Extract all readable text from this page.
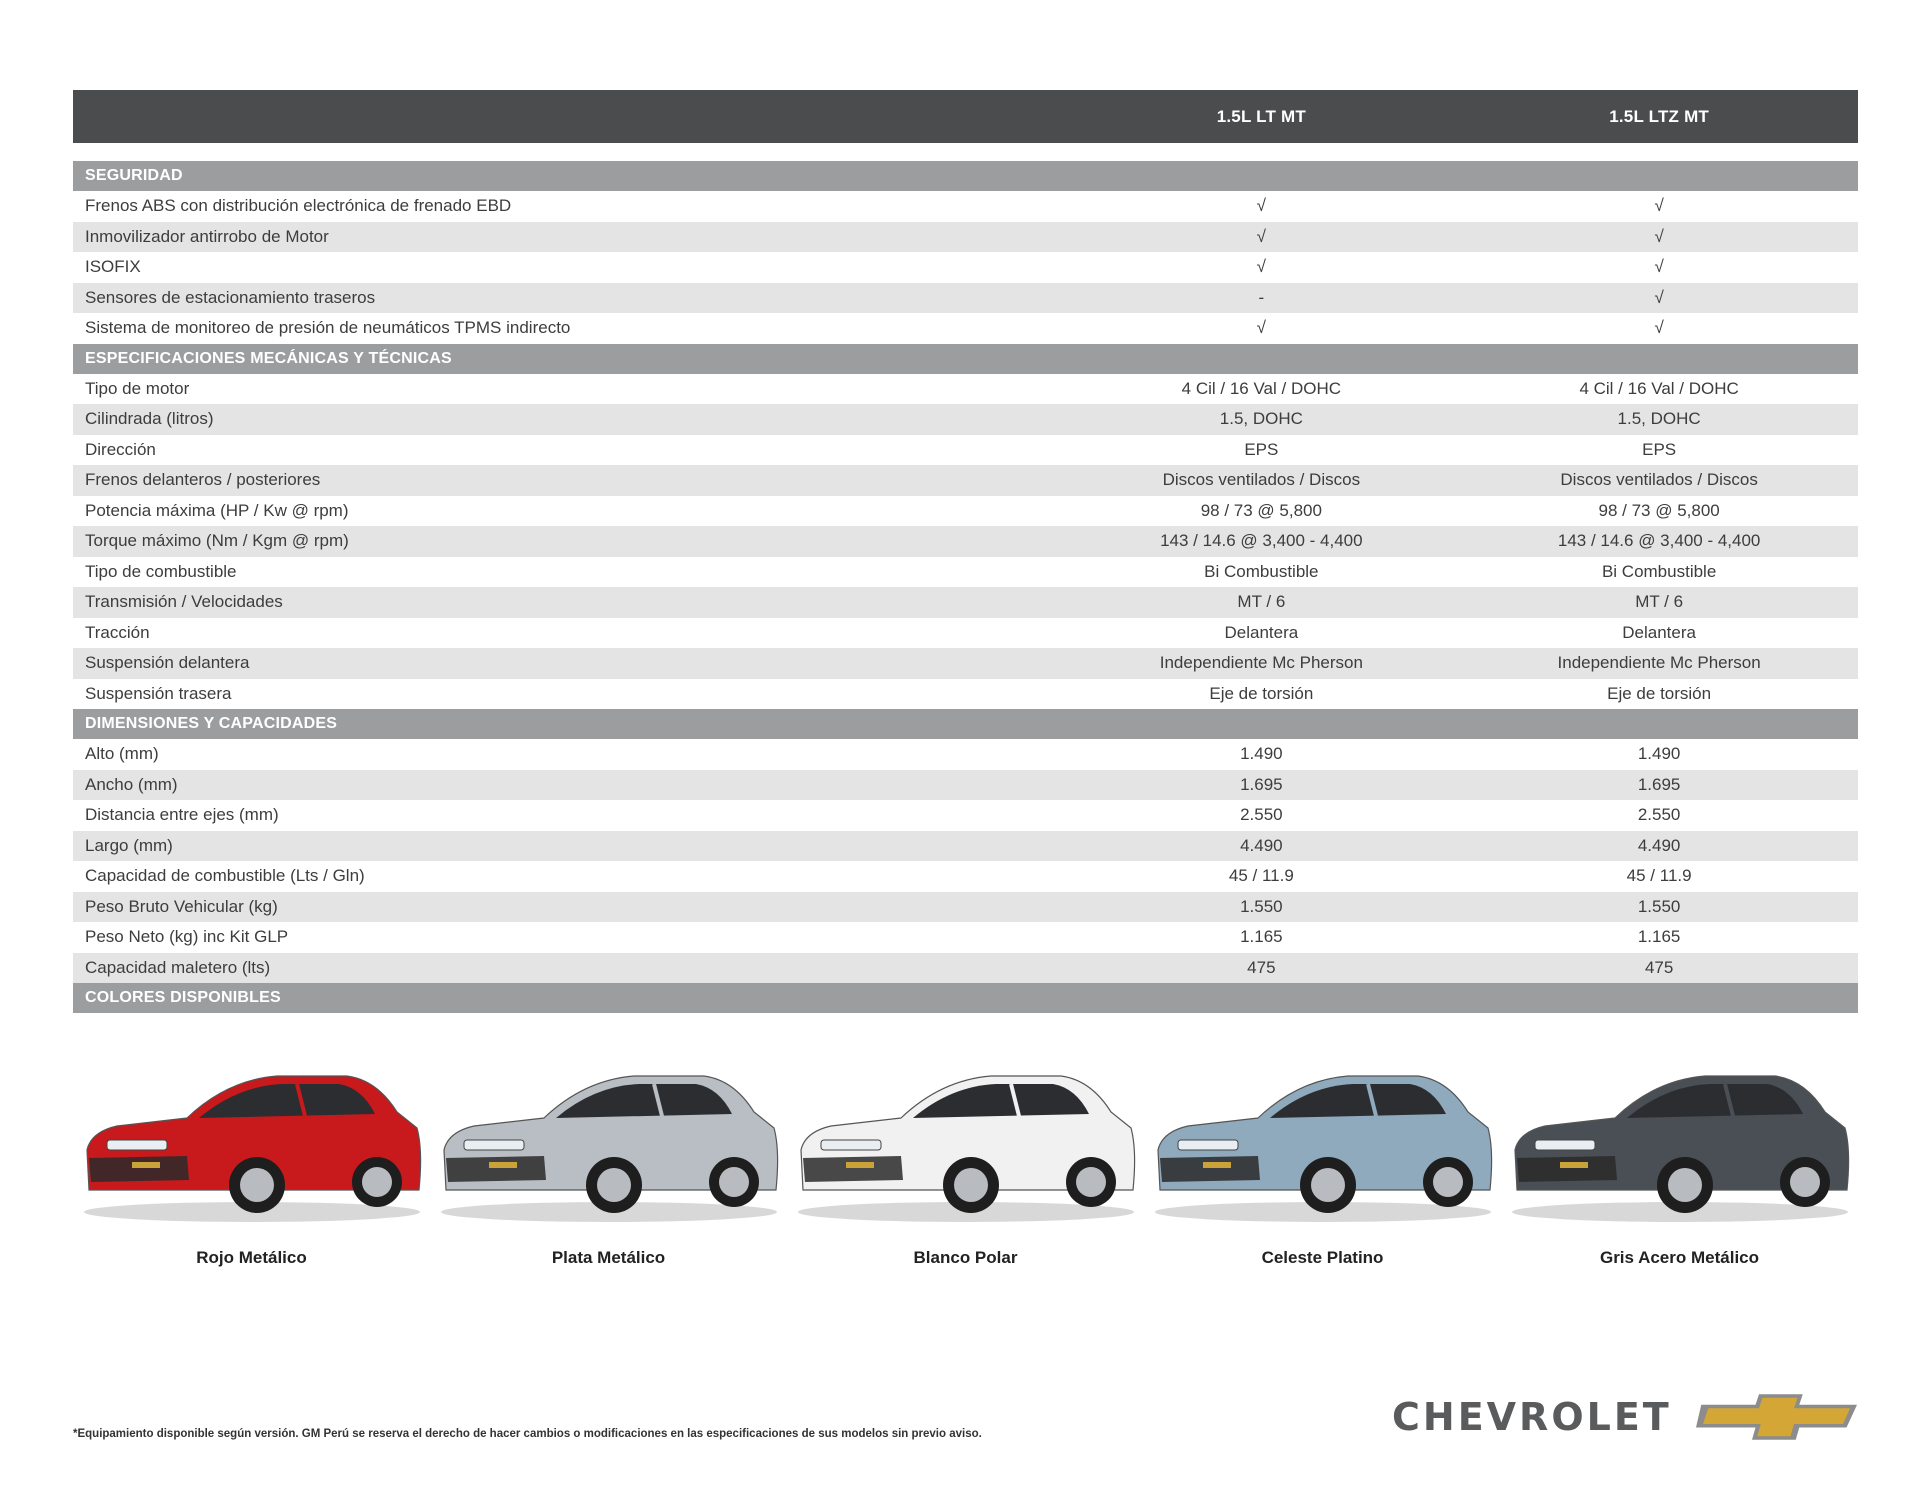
1.5L LT MT	1.5L LTZ MT
SEGURIDAD
Frenos ABS con distribución electrónica de frenado EBD	√	√
Inmovilizador antirrobo de Motor	√	√
ISOFIX	√	√
Sensores de estacionamiento traseros	-	√
Sistema de monitoreo de presión de neumáticos TPMS indirecto	√	√
ESPECIFICACIONES MECÁNICAS Y TÉCNICAS
Tipo de motor	4 Cil / 16 Val / DOHC	4 Cil / 16 Val / DOHC
Cilindrada (litros)	1.5, DOHC	1.5, DOHC
Dirección	EPS	EPS
Frenos delanteros / posteriores	Discos ventilados / Discos	Discos ventilados / Discos
Potencia máxima (HP / Kw @ rpm)	98 / 73 @ 5,800	98 / 73 @ 5,800
Torque máximo (Nm / Kgm @ rpm)	143 / 14.6 @ 3,400 - 4,400	143 / 14.6 @ 3,400 - 4,400
Tipo de combustible	Bi Combustible	Bi Combustible
Transmisión / Velocidades	MT / 6	MT / 6
Tracción	Delantera	Delantera
Suspensión delantera	Independiente Mc Pherson	Independiente Mc Pherson
Suspensión trasera	Eje de torsión	Eje de torsión
DIMENSIONES Y CAPACIDADES
Alto (mm)	1.490	1.490
Ancho (mm)	1.695	1.695
Distancia entre ejes (mm)	2.550	2.550
Largo (mm)	4.490	4.490
Capacidad de combustible (Lts / Gln)	45 / 11.9	45 / 11.9
Peso Bruto Vehicular (kg)	1.550	1.550
Peso Neto (kg) inc Kit GLP	1.165	1.165
Capacidad maletero (lts)	475	475
COLORES DISPONIBLES
Rojo Metálico	Plata Metálico	Blanco Polar	Celeste Platino	Gris Acero Metálico
*Equipamiento disponible según versión. GM Perú se reserva el derecho de hacer cambios o modificaciones en las especificaciones de sus modelos sin previo aviso.	CHEVROLET
